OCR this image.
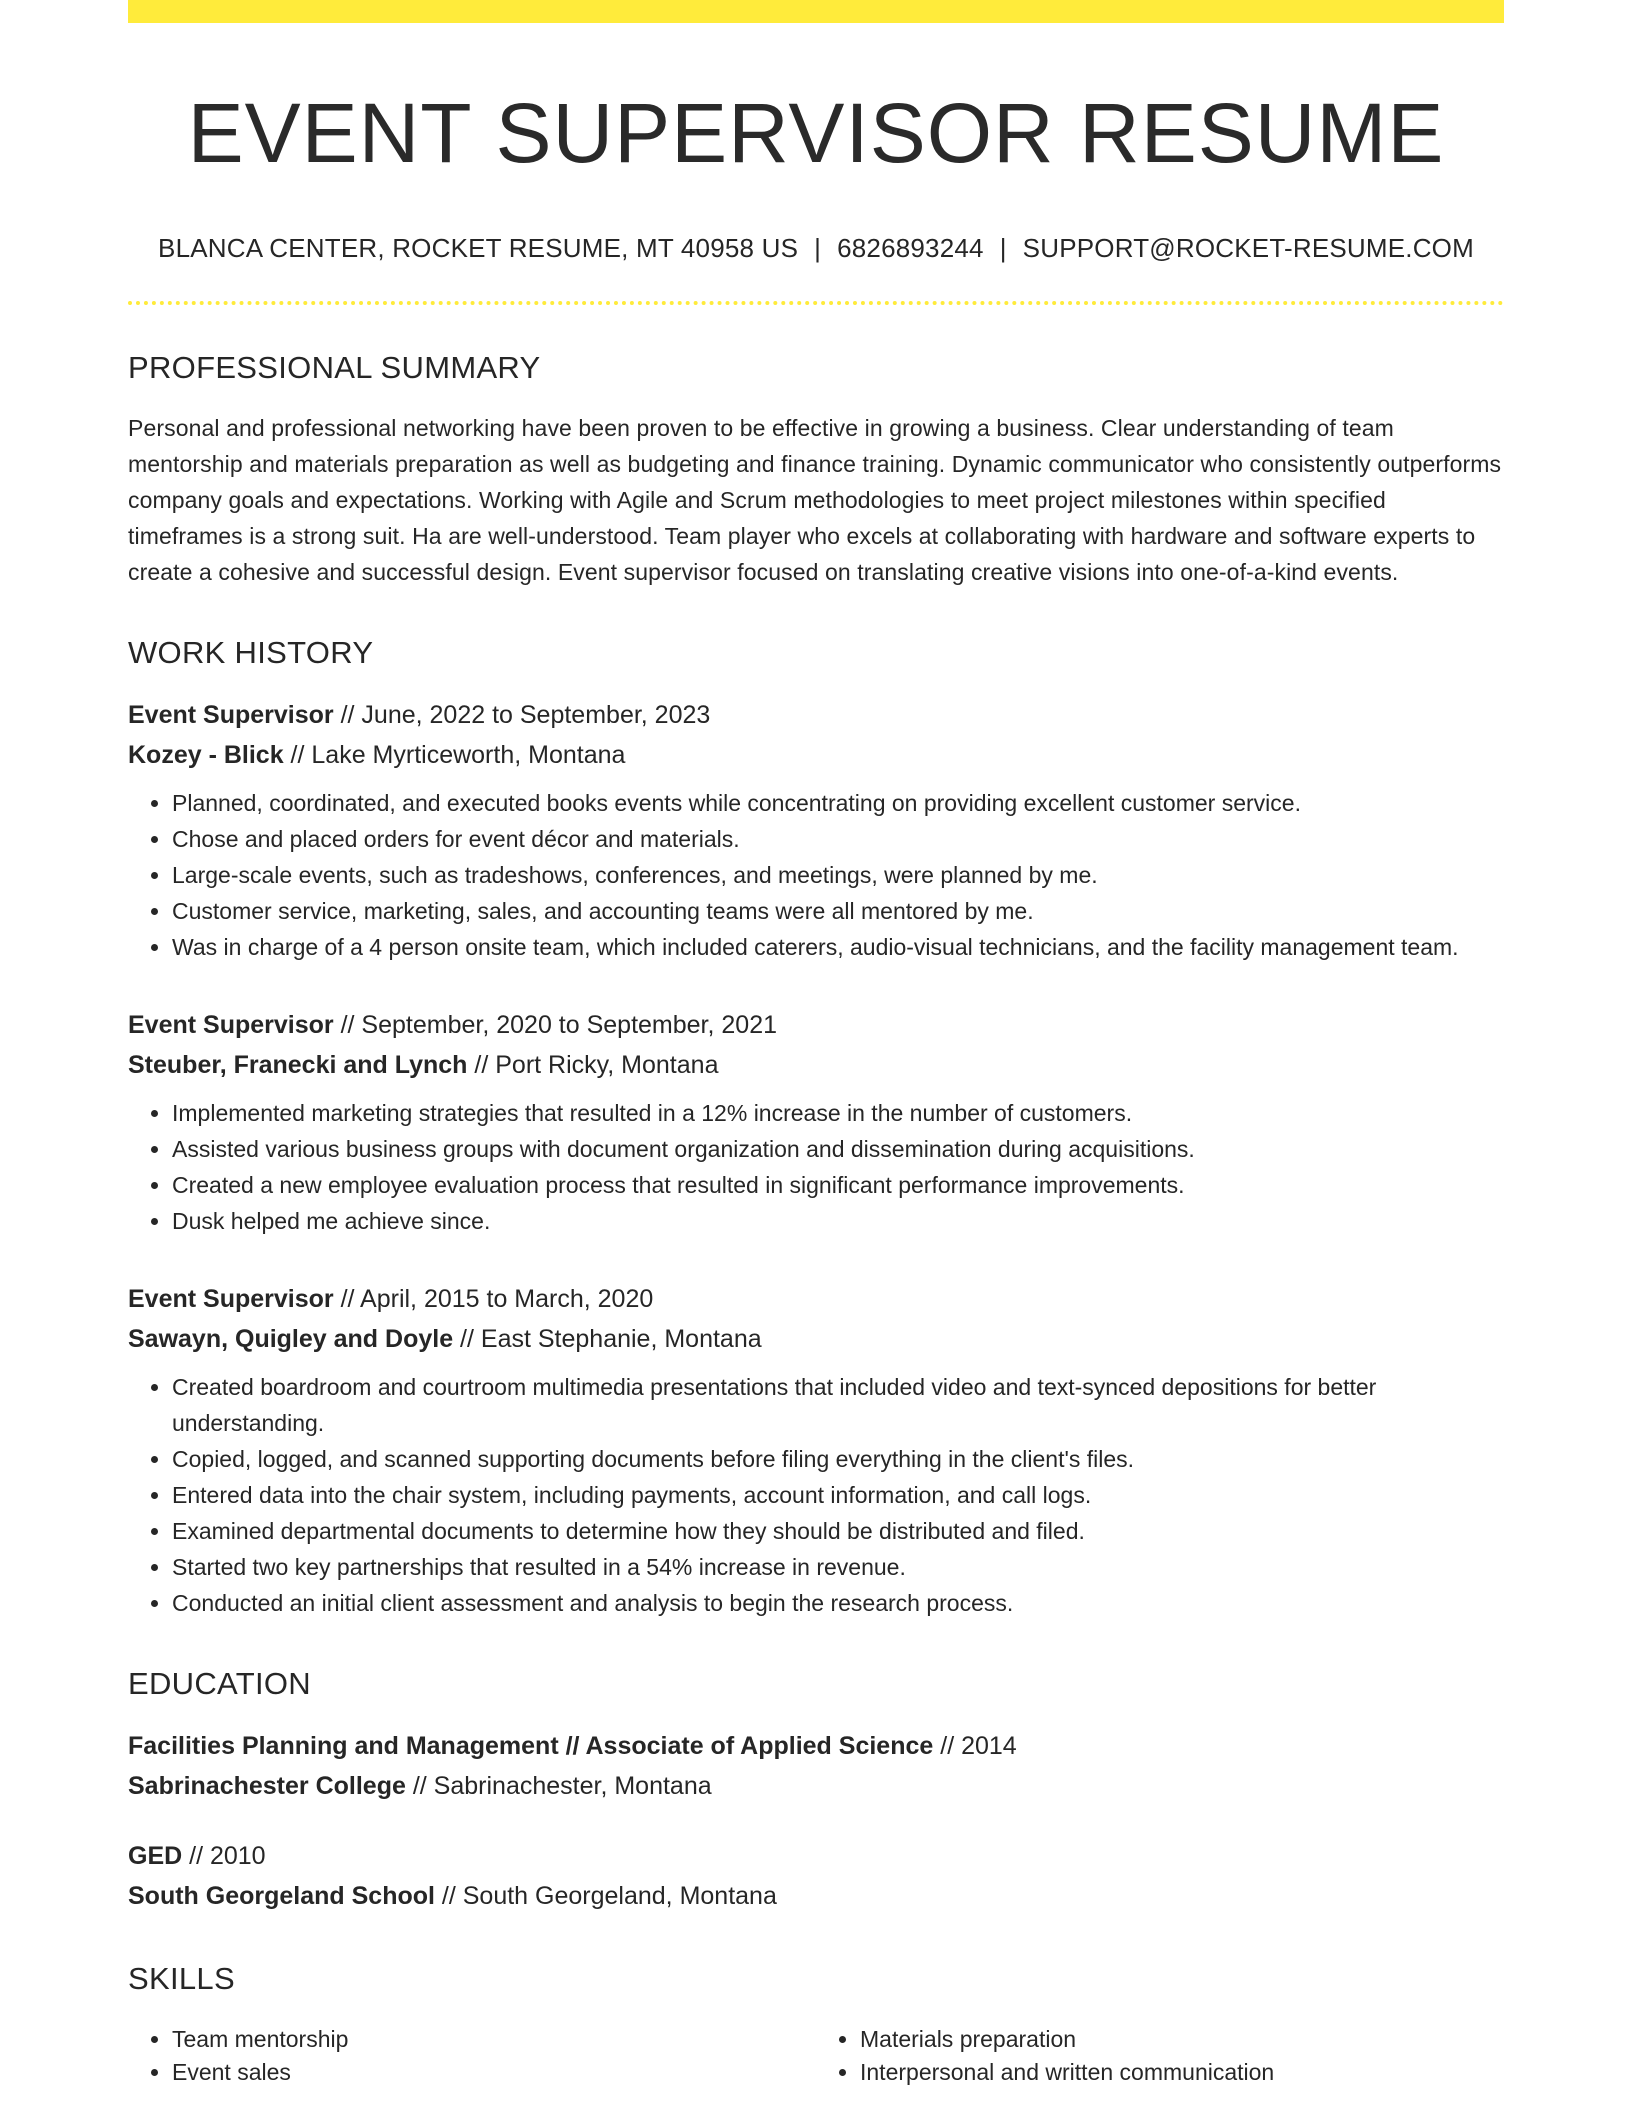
EVENT SUPERVISOR RESUME
BLANCA CENTER, ROCKET RESUME, MT 40958 US | 6826893244 | SUPPORT@ROCKET-RESUME.COM
PROFESSIONAL SUMMARY

Personal and professional networking have been proven to be effective in growing a business. Clear understanding of team mentorship and materials preparation as well as budgeting and finance training. Dynamic communicator who consistently outperforms company goals and expectations. Working with Agile and Scrum methodologies to meet project milestones within specified timeframes is a strong suit. Ha are well-understood. Team player who excels at collaborating with hardware and software experts to create a cohesive and successful design. Event supervisor focused on translating creative visions into one-of-a-kind events.

WORK HISTORY
Event Supervisor // June, 2022 to September, 2023
Kozey - Blick // Lake Myrticeworth, Montana
• Planned, coordinated, and executed books events while concentrating on providing excellent customer service.
• Chose and placed orders for event décor and materials.
• Large-scale events, such as tradeshows, conferences, and meetings, were planned by me.
• Customer service, marketing, sales, and accounting teams were all mentored by me.
• Was in charge of a 4 person onsite team, which included caterers, audio-visual technicians, and the facility management team.
Event Supervisor // September, 2020 to September, 2021
Steuber, Franecki and Lynch // Port Ricky, Montana
• Implemented marketing strategies that resulted in a 12% increase in the number of customers.
• Assisted various business groups with document organization and dissemination during acquisitions.
• Created a new employee evaluation process that resulted in significant performance improvements.
• Dusk helped me achieve since.
Event Supervisor // April, 2015 to March, 2020
Sawayn, Quigley and Doyle // East Stephanie, Montana
• Created boardroom and courtroom multimedia presentations that included video and text-synced depositions for better understanding.
• Copied, logged, and scanned supporting documents before filing everything in the client's files.
• Entered data into the chair system, including payments, account information, and call logs.
• Examined departmental documents to determine how they should be distributed and filed.
• Started two key partnerships that resulted in a 54% increase in revenue.
• Conducted an initial client assessment and analysis to begin the research process.
EDUCATION
Facilities Planning and Management // Associate of Applied Science // 2014
Sabrinachester College // Sabrinachester, Montana
GED // 2010
South Georgeland School // South Georgeland, Montana
SKILLS
• Team mentorship
• Event sales
• Materials preparation
• Interpersonal and written communication
